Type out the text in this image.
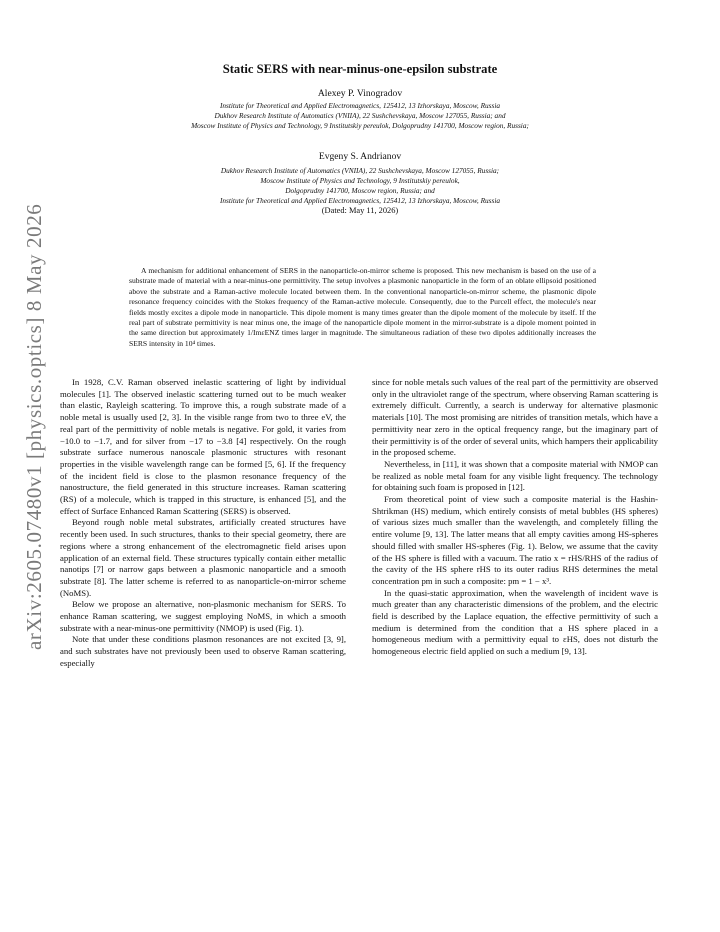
arXiv:2605.07480v1 [physics.optics] 8 May 2026
Static SERS with near-minus-one-epsilon substrate
Alexey P. Vinogradov
Institute for Theoretical and Applied Electromagnetics, 125412, 13 Izhorskaya, Moscow, Russia
Dukhov Research Institute of Automatics (VNIIA), 22 Sushchevskaya, Moscow 127055, Russia; and
Moscow Institute of Physics and Technology, 9 Institutskiy pereulok, Dolgoprudny 141700, Moscow region, Russia;
Evgeny S. Andrianov
Dukhov Research Institute of Automatics (VNIIA), 22 Sushchevskaya, Moscow 127055, Russia;
Moscow Institute of Physics and Technology, 9 Institutskiy pereulok,
Dolgoprudny 141700, Moscow region, Russia; and
Institute for Theoretical and Applied Electromagnetics, 125412, 13 Izhorskaya, Moscow, Russia
(Dated: May 11, 2026)
A mechanism for additional enhancement of SERS in the nanoparticle-on-mirror scheme is proposed. This new mechanism is based on the use of a substrate made of material with a near-minus-one permittivity. The setup involves a plasmonic nanoparticle in the form of an oblate ellipsoid positioned above the substrate and a Raman-active molecule located between them. In the conventional nanoparticle-on-mirror scheme, the plasmonic dipole resonance frequency coincides with the Stokes frequency of the Raman-active molecule. Consequently, due to the Purcell effect, the molecule's near fields mostly excites a dipole mode in nanoparticle. This dipole moment is many times greater than the dipole moment of the molecule by itself. If the real part of substrate permittivity is near minus one, the image of the nanoparticle dipole moment in the mirror-substrate is a dipole moment pointed in the same direction but approximately 1/ImεENZ times larger in magnitude. The simultaneous radiation of these two dipoles additionally increases the SERS intensity in 10⁴ times.

In 1928, C.V. Raman observed inelastic scattering of light by individual molecules [1]. The observed inelastic scattering turned out to be much weaker than elastic, Rayleigh scattering. To improve this, a rough substrate made of a noble metal is usually used [2, 3]. In the visible range from two to three eV, the real part of the permittivity of noble metals is negative. For gold, it varies from −10.0 to −1.7, and for silver from −17 to −3.8 [4] respectively. On the rough substrate surface numerous nanoscale plasmonic structures with resonant properties in the visible wavelength range can be formed [5, 6]. If the frequency of the incident field is close to the plasmon resonance frequency of the nanostructure, the field generated in this structure increases. Raman scattering (RS) of a molecule, which is trapped in this structure, is enhanced [5], and the effect of Surface Enhanced Raman Scattering (SERS) is observed.

Beyond rough noble metal substrates, artificially created structures have recently been used. In such structures, thanks to their special geometry, there are regions where a strong enhancement of the electromagnetic field arises upon application of an external field. These structures typically contain either metallic nanotips [7] or narrow gaps between a plasmonic nanoparticle and a smooth substrate [8]. The latter scheme is referred to as nanoparticle-on-mirror scheme (NoMS).

Below we propose an alternative, non-plasmonic mechanism for SERS. To enhance Raman scattering, we suggest employing NoMS, in which a smooth substrate with a near-minus-one permittivity (NMOP) is used (Fig. 1).

Note that under these conditions plasmon resonances are not excited [3, 9], and such substrates have not previously been used to observe Raman scattering, especially

since for noble metals such values of the real part of the permittivity are observed only in the ultraviolet range of the spectrum, where observing Raman scattering is extremely difficult. Currently, a search is underway for alternative plasmonic materials [10]. The most promising are nitrides of transition metals, which have a permittivity near zero in the optical frequency range, but the imaginary part of their permittivity is of the order of several units, which hampers their applicability in the proposed scheme.

Nevertheless, in [11], it was shown that a composite material with NMOP can be realized as noble metal foam for any visible light frequency. The technology for obtaining such foam is proposed in [12].

From theoretical point of view such a composite material is the Hashin-Shtrikman (HS) medium, which entirely consists of metal bubbles (HS spheres) of various sizes much smaller than the wavelength, and completely filling the entire volume [9, 13]. The latter means that all empty cavities among HS-spheres should filled with smaller HS-spheres (Fig. 1). Below, we assume that the cavity of the HS sphere is filled with a vacuum. The ratio x = rHS/RHS of the radius of the cavity of the HS sphere rHS to its outer radius RHS determines the metal concentration pm in such a composite: pm = 1 − x³.

In the quasi-static approximation, when the wavelength of incident wave is much greater than any characteristic dimensions of the problem, and the electric field is described by the Laplace equation, the effective permittivity of such a medium is determined from the condition that a HS sphere placed in a homogeneous medium with a permittivity equal to εHS, does not disturb the homogeneous electric field applied on such a medium [9, 13].
